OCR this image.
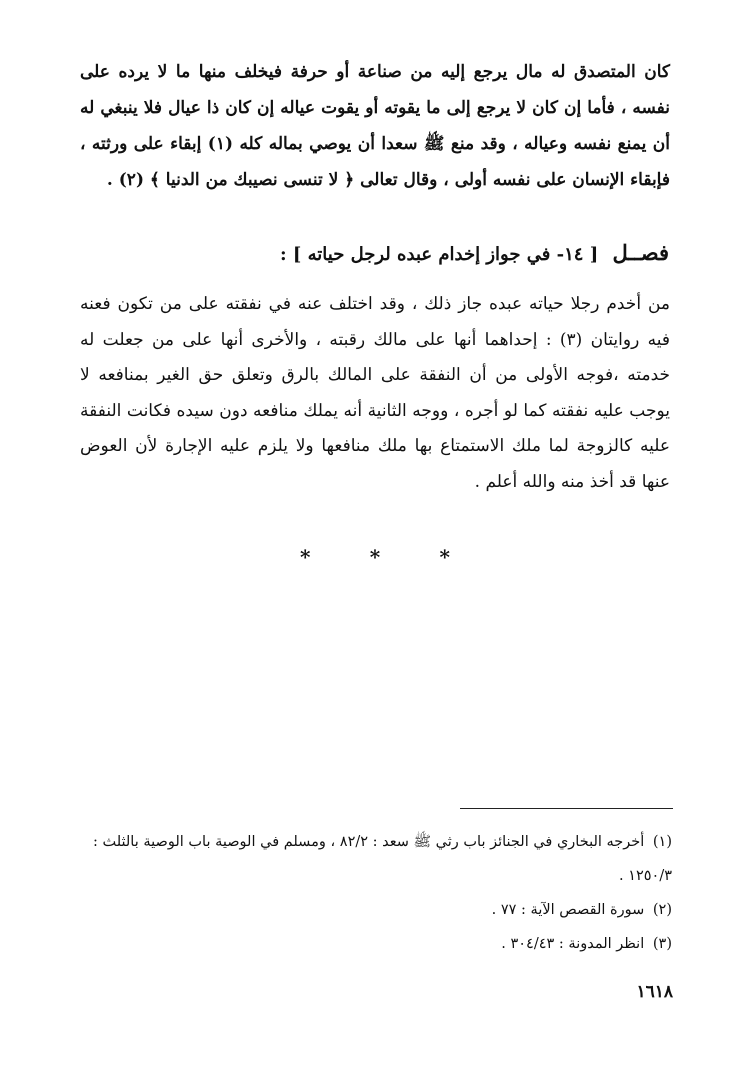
كان المتصدق له مال يرجع إليه من صناعة أو حرفة فيخلف منها ما لا يرده على نفسه ، فأما إن كان لا يرجع إلى ما يقوته أو يقوت عياله إن كان ذا عيال فلا ينبغي له أن يمنع نفسه وعياله ، وقد منع ﷺ سعدا أن يوصي بماله كله (١) إبقاء على ورثته ، فإبقاء الإنسان على نفسه أولى ، وقال تعالى ﴿ لا تنسى نصيبك من الدنيا ﴾ (٢) .

فصــل [ ١٤- في جواز إخدام عبده لرجل حياته ] :

من أخدم رجلا حياته عبده جاز ذلك ، وقد اختلف عنه في نفقته على من تكون فعنه فيه روايتان (٣) : إحداهما أنها على مالك رقبته ، والأخرى أنها على من جعلت له خدمته ،فوجه الأولى من أن النفقة على المالك بالرق وتعلق حق الغير بمنافعه لا يوجب عليه نفقته كما لو أجره ، ووجه الثانية أنه يملك منافعه دون سيده فكانت النفقة عليه كالزوجة لما ملك الاستمتاع بها ملك منافعها ولا يلزم عليه الإجارة لأن العوض عنها قد أخذ منه والله أعلم .

*	*	*

(١) أخرجه البخاري في الجنائز باب رثي ﷺ سعد : ٨٢/٢ ، ومسلم في الوصية باب الوصية بالثلث : ١٢٥٠/٣ .

(٢) سورة القصص الآية : ٧٧ .

(٣) انظر المدونة : ٣٠٤/٤٣ .

١٦١٨
